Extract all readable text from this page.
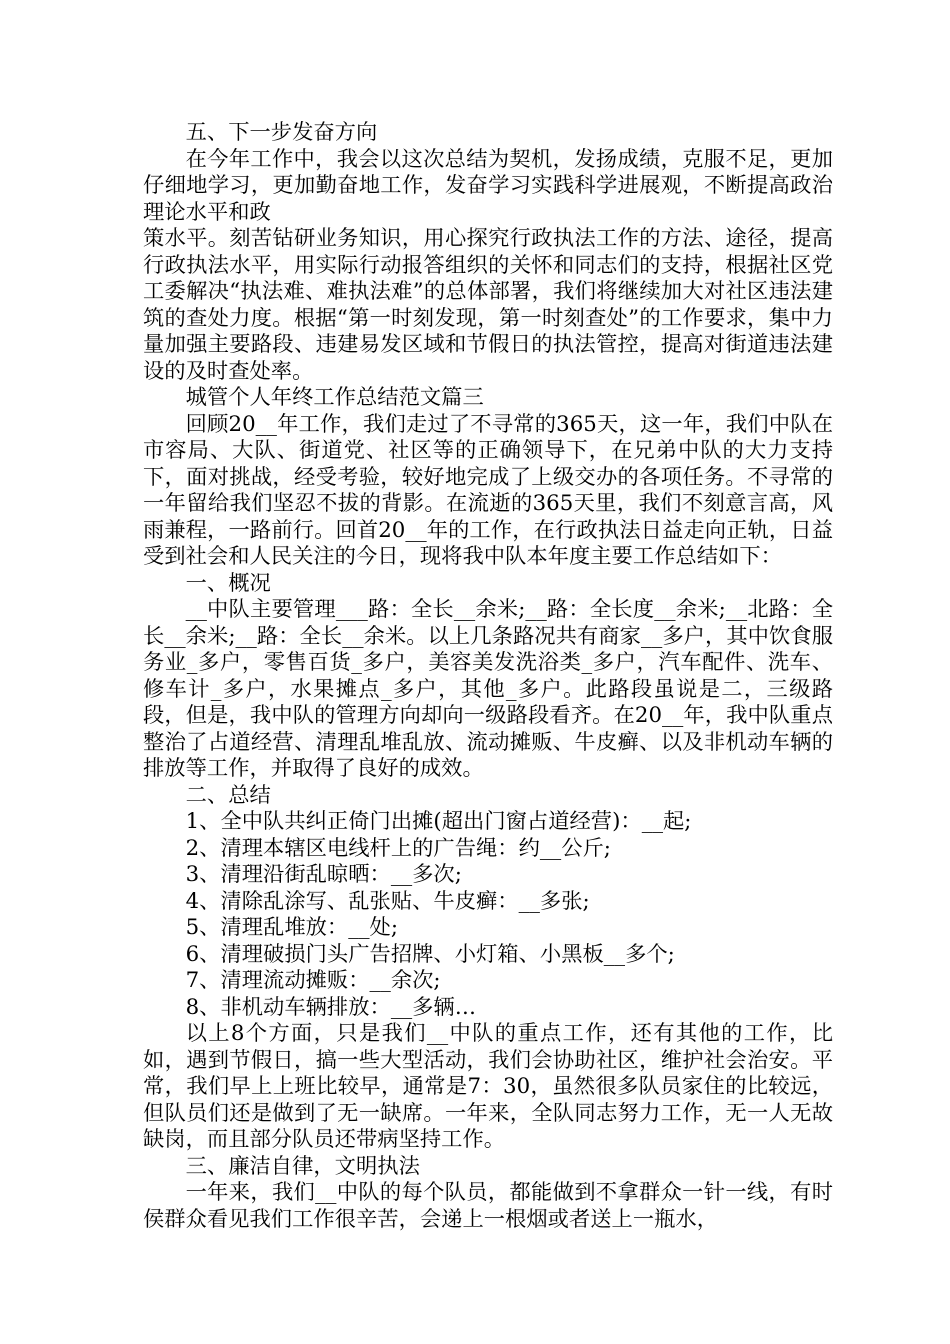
五、下一步发奋方向

在今年工作中，我会以这次总结为契机，发扬成绩，克服不足，更加仔细地学习，更加勤奋地工作，发奋学习实践科学进展观，不断提高政治理论水平和政

策水平。刻苦钻研业务知识，用心探究行政执法工作的方法、途径，提高行政执法水平，用实际行动报答组织的关怀和同志们的支持，根据社区党工委解决“执法难、难执法难”的总体部署，我们将继续加大对社区违法建筑的查处力度。根据“第一时刻发现，第一时刻查处”的工作要求，集中力量加强主要路段、违建易发区域和节假日的执法管控，提高对街道违法建设的及时查处率。

城管个人年终工作总结范文篇三

回顾20__年工作，我们走过了不寻常的365天，这一年，我们中队在市容局、大队、街道党、社区等的正确领导下，在兄弟中队的大力支持下，面对挑战，经受考验，较好地完成了上级交办的各项任务。不寻常的一年留给我们坚忍不拔的背影。在流逝的365天里，我们不刻意言高，风雨兼程，一路前行。回首20__年的工作，在行政执法日益走向正轨，日益受到社会和人民关注的今日，现将我中队本年度主要工作总结如下：

一、概况

__中队主要管理___路：全长__余米;__路：全长度__余米;__北路：全长__余米;__路：全长__余米。以上几条路况共有商家__多户，其中饮食服务业_多户，零售百货_多户，美容美发洗浴类_多户，汽车配件、洗车、修车计_多户，水果摊点_多户，其他_多户。此路段虽说是二，三级路段，但是，我中队的管理方向却向一级路段看齐。在20__年，我中队重点整治了占道经营、清理乱堆乱放、流动摊贩、牛皮癣、以及非机动车辆的排放等工作，并取得了良好的成效。

二、总结

1、全中队共纠正倚门出摊(超出门窗占道经营)：__起;

2、清理本辖区电线杆上的广告绳：约__公斤;

3、清理沿街乱晾晒：__多次;

4、清除乱涂写、乱张贴、牛皮癣：__多张;

5、清理乱堆放：__处;

6、清理破损门头广告招牌、小灯箱、小黑板__多个;

7、清理流动摊贩：__余次;

8、非机动车辆排放：__多辆…

以上8个方面，只是我们__中队的重点工作，还有其他的工作，比如，遇到节假日，搞一些大型活动，我们会协助社区，维护社会治安。平常，我们早上上班比较早，通常是7：30，虽然很多队员家住的比较远，但队员们还是做到了无一缺席。一年来，全队同志努力工作，无一人无故缺岗，而且部分队员还带病坚持工作。

三、廉洁自律，文明执法

一年来，我们__中队的每个队员，都能做到不拿群众一针一线，有时侯群众看见我们工作很辛苦，会递上一根烟或者送上一瓶水，
